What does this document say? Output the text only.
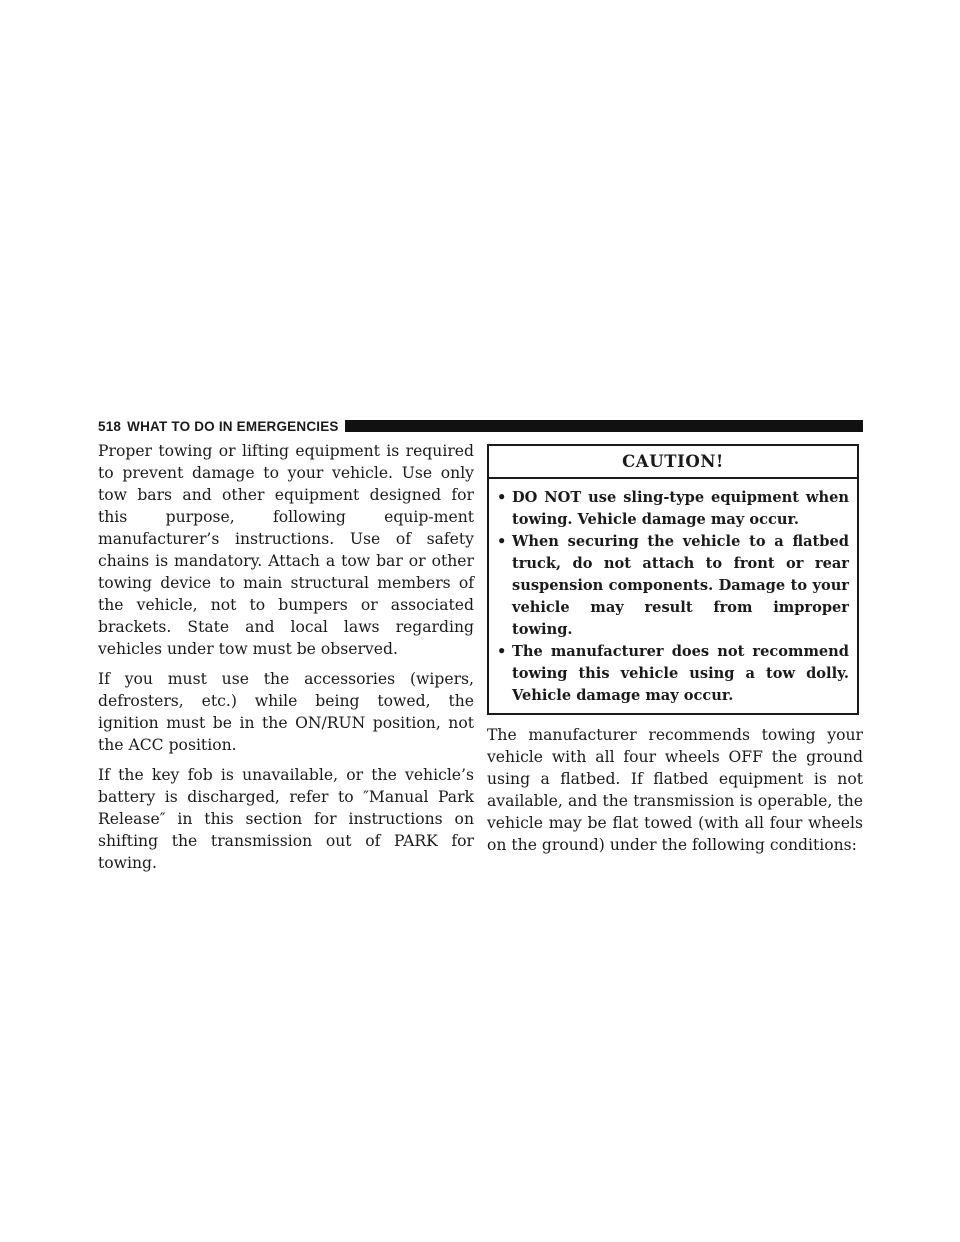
518 WHAT TO DO IN EMERGENCIES

Proper towing or lifting equipment is required to prevent damage to your vehicle. Use only tow bars and other equipment designed for this purpose, following equip-ment manufacturer’s instructions. Use of safety chains is mandatory. Attach a tow bar or other towing device to main structural members of the vehicle, not to bumpers or associated brackets. State and local laws regarding vehicles under tow must be observed.

If you must use the accessories (wipers, defrosters, etc.) while being towed, the ignition must be in the ON/RUN position, not the ACC position.

If the key fob is unavailable, or the vehicle’s battery is discharged, refer to ″Manual Park Release″ in this section for instructions on shifting the transmission out of PARK for towing.

CAUTION!
• DO NOT use sling-type equipment when towing. Vehicle damage may occur.
• When securing the vehicle to a flatbed truck, do not attach to front or rear suspension components. Damage to your vehicle may result from improper towing.
• The manufacturer does not recommend towing this vehicle using a tow dolly. Vehicle damage may occur.

The manufacturer recommends towing your vehicle with all four wheels OFF the ground using a flatbed. If flatbed equipment is not available, and the transmission is operable, the vehicle may be flat towed (with all four wheels on the ground) under the following conditions:
